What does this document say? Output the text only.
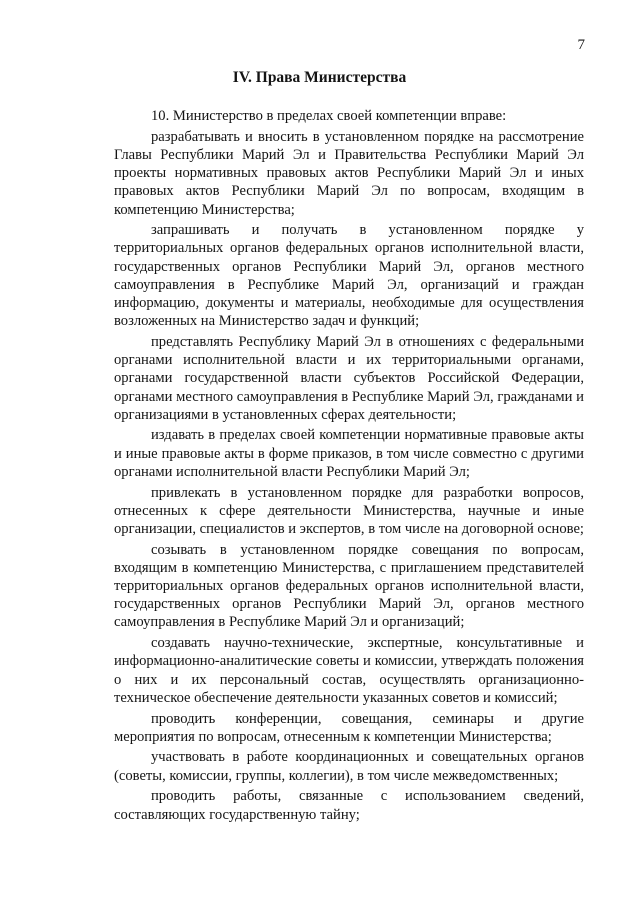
7
IV. Права Министерства

10. Министерство в пределах своей компетенции вправе:

разрабатывать и вносить в установленном порядке на рассмотрение Главы Республики Марий Эл и Правительства Республики Марий Эл проекты нормативных правовых актов Республики Марий Эл и иных правовых актов Республики Марий Эл по вопросам, входящим в компетенцию Министерства;

запрашивать и получать в установленном порядке у территориальных органов федеральных органов исполнительной власти, государственных органов Республики Марий Эл, органов местного самоуправления в Республике Марий Эл, организаций и граждан информацию, документы и материалы, необходимые для осуществления возложенных на Министерство задач и функций;

представлять Республику Марий Эл в отношениях с федеральными органами исполнительной власти и их территориальными органами, органами государственной власти субъектов Российской Федерации, органами местного самоуправления в Республике Марий Эл, гражданами и организациями в установленных сферах деятельности;

издавать в пределах своей компетенции нормативные правовые акты и иные правовые акты в форме приказов, в том числе совместно с другими органами исполнительной власти Республики Марий Эл;

привлекать в установленном порядке для разработки вопросов, отнесенных к сфере деятельности Министерства, научные и иные организации, специалистов и экспертов, в том числе на договорной основе;

созывать в установленном порядке совещания по вопросам, входящим в компетенцию Министерства, с приглашением представителей территориальных органов федеральных органов исполнительной власти, государственных органов Республики Марий Эл, органов местного самоуправления в Республике Марий Эл и организаций;

создавать научно-технические, экспертные, консультативные и информационно-аналитические советы и комиссии, утверждать положения о них и их персональный состав, осуществлять организационно-техническое обеспечение деятельности указанных советов и комиссий;

проводить конференции, совещания, семинары и другие мероприятия по вопросам, отнесенным к компетенции Министерства;

участвовать в работе координационных и совещательных органов (советы, комиссии, группы, коллегии), в том числе межведомственных;

проводить работы, связанные с использованием сведений, составляющих государственную тайну;
